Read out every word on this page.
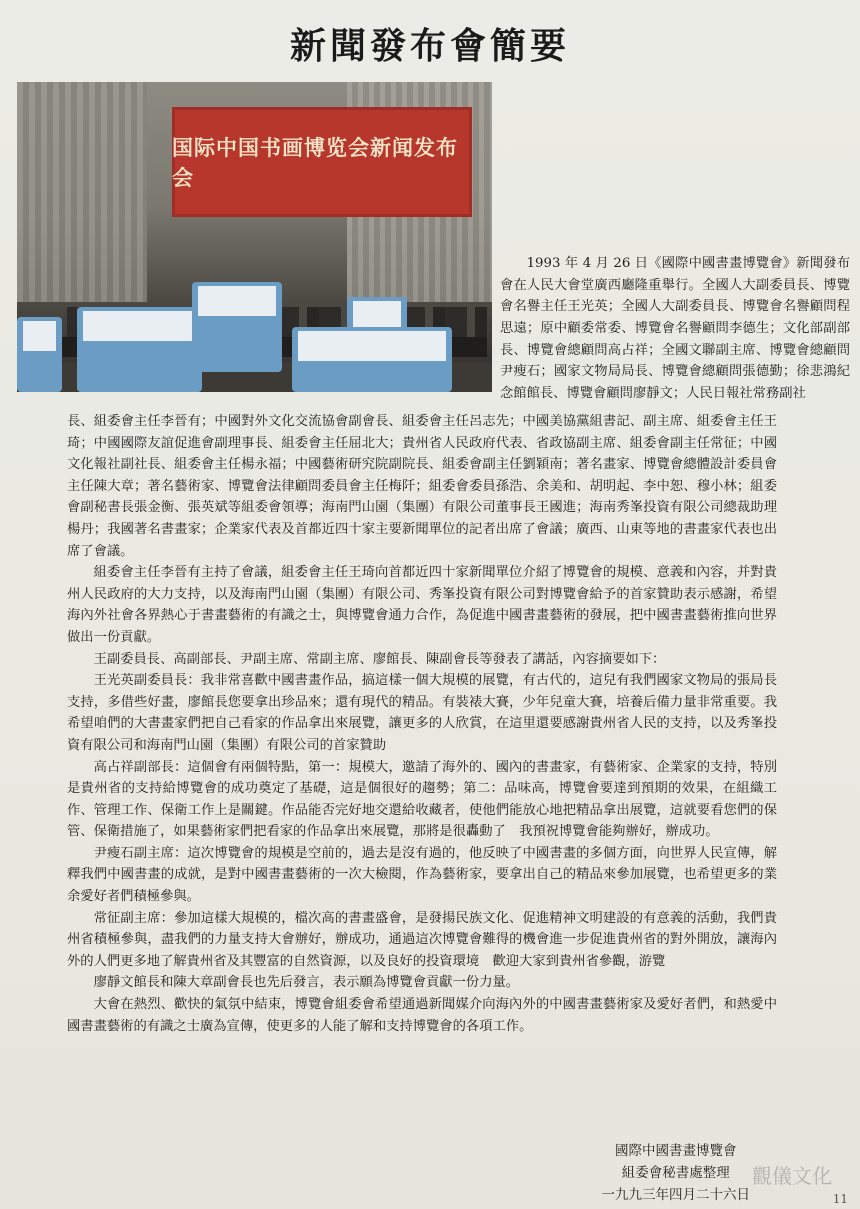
新聞發布會簡要
国际中国书画博览会新闻发布会

1993 年 4 月 26 日《國際中國書畫博覽會》新聞發布會在人民大會堂廣西廳隆重舉行。全國人大副委員長、博覽會名譽主任王光英；全國人大副委員長、博覽會名譽顧問程思遠；原中顧委常委、博覽會名譽顧問李德生；文化部副部長、博覽會總顧問高占祥；全國文聯副主席、博覽會總顧問尹瘦石；國家文物局局長、博覽會總顧問張德勤；徐悲鴻紀念館館長、博覽會顧問廖靜文；人民日報社常務副社

長、組委會主任李晉有；中國對外文化交流協會副會長、組委會主任呂志先；中國美協黨組書記、副主席、組委會主任王琦；中國國際友誼促進會副理事長、組委會主任屈北大；貴州省人民政府代表、省政協副主席、組委會副主任常征；中國文化報社副社長、組委會主任楊永福；中國藝術研究院副院長、組委會副主任劉穎南；著名畫家、博覽會總體設計委員會主任陳大章；著名藝術家、博覽會法律顧問委員會主任梅阡；組委會委員孫浩、余美和、胡明起、李中恕、穆小林；組委會副秘書長張金衡、張英斌等組委會領導；海南門山園（集團）有限公司董事長王國進；海南秀峯投資有限公司總裁助理楊丹；我國著名書畫家；企業家代表及首都近四十家主要新聞單位的記者出席了會議；廣西、山東等地的書畫家代表也出席了會議。

組委會主任李晉有主持了會議，組委會主任王琦向首都近四十家新聞單位介紹了博覽會的規模、意義和內容，并對貴州人民政府的大力支持，以及海南門山園（集團）有限公司、秀峯投資有限公司對博覽會給予的首家贊助表示感謝，希望海內外社會各界熱心于書畫藝術的有識之士，與博覽會通力合作，為促進中國書畫藝術的發展，把中國書畫藝術推向世界做出一份貢獻。

王副委員長、高副部長、尹副主席、常副主席、廖館長、陳副會長等發表了講話，內容摘要如下：

王光英副委員長：我非常喜歡中國書畫作品，搞這樣一個大規模的展覽，有古代的，這兒有我們國家文物局的張局長支持，多借些好畫，廖館長您要拿出珍品來；還有現代的精品。有裝裱大賽，少年兒童大賽，培養后備力量非常重要。我希望咱們的大書畫家們把自己看家的作品拿出來展覽，讓更多的人欣賞，在這里還要感謝貴州省人民的支持，以及秀峯投資有限公司和海南門山園（集團）有限公司的首家贊助

高占祥副部長：這個會有兩個特點，第一：規模大，邀請了海外的、國內的書畫家，有藝術家、企業家的支持，特別是貴州省的支持給博覽會的成功奠定了基礎，這是個很好的趨勢；第二：品味高，博覽會要達到預期的效果，在組織工作、管理工作、保衛工作上是關鍵。作品能否完好地交還給收藏者，使他們能放心地把精品拿出展覽，這就要看您們的保管、保衛措施了，如果藝術家們把看家的作品拿出來展覽，那將是很轟動了　我預祝博覽會能夠辦好，辦成功。

尹瘦石副主席：這次博覽會的規模是空前的，過去是沒有過的，他反映了中國書畫的多個方面，向世界人民宣傳，解釋我們中國書畫的成就，是對中國書畫藝術的一次大檢閱，作為藝術家，要拿出自己的精品來參加展覽，也希望更多的業余愛好者們積極參與。

常征副主席：參加這樣大規模的，檔次高的書畫盛會，是發揚民族文化、促進精神文明建設的有意義的活動，我們貴州省積極參與，盡我們的力量支持大會辦好，辦成功，通過這次博覽會難得的機會進一步促進貴州省的對外開放，讓海內外的人們更多地了解貴州省及其豐富的自然資源，以及良好的投資環境　歡迎大家到貴州省參觀，游覽

廖靜文館長和陳大章副會長也先后發言，表示願為博覽會貢獻一份力量。

大會在熱烈、歡快的氣氛中結束，博覽會組委會希望通過新聞媒介向海內外的中國書畫藝術家及愛好者們，和熱愛中國書畫藝術的有識之士廣為宣傳，使更多的人能了解和支持博覽會的各項工作。

國際中國書畫博覽會
組委會秘書處整理
一九九三年四月二十六日
觀儀文化
11
